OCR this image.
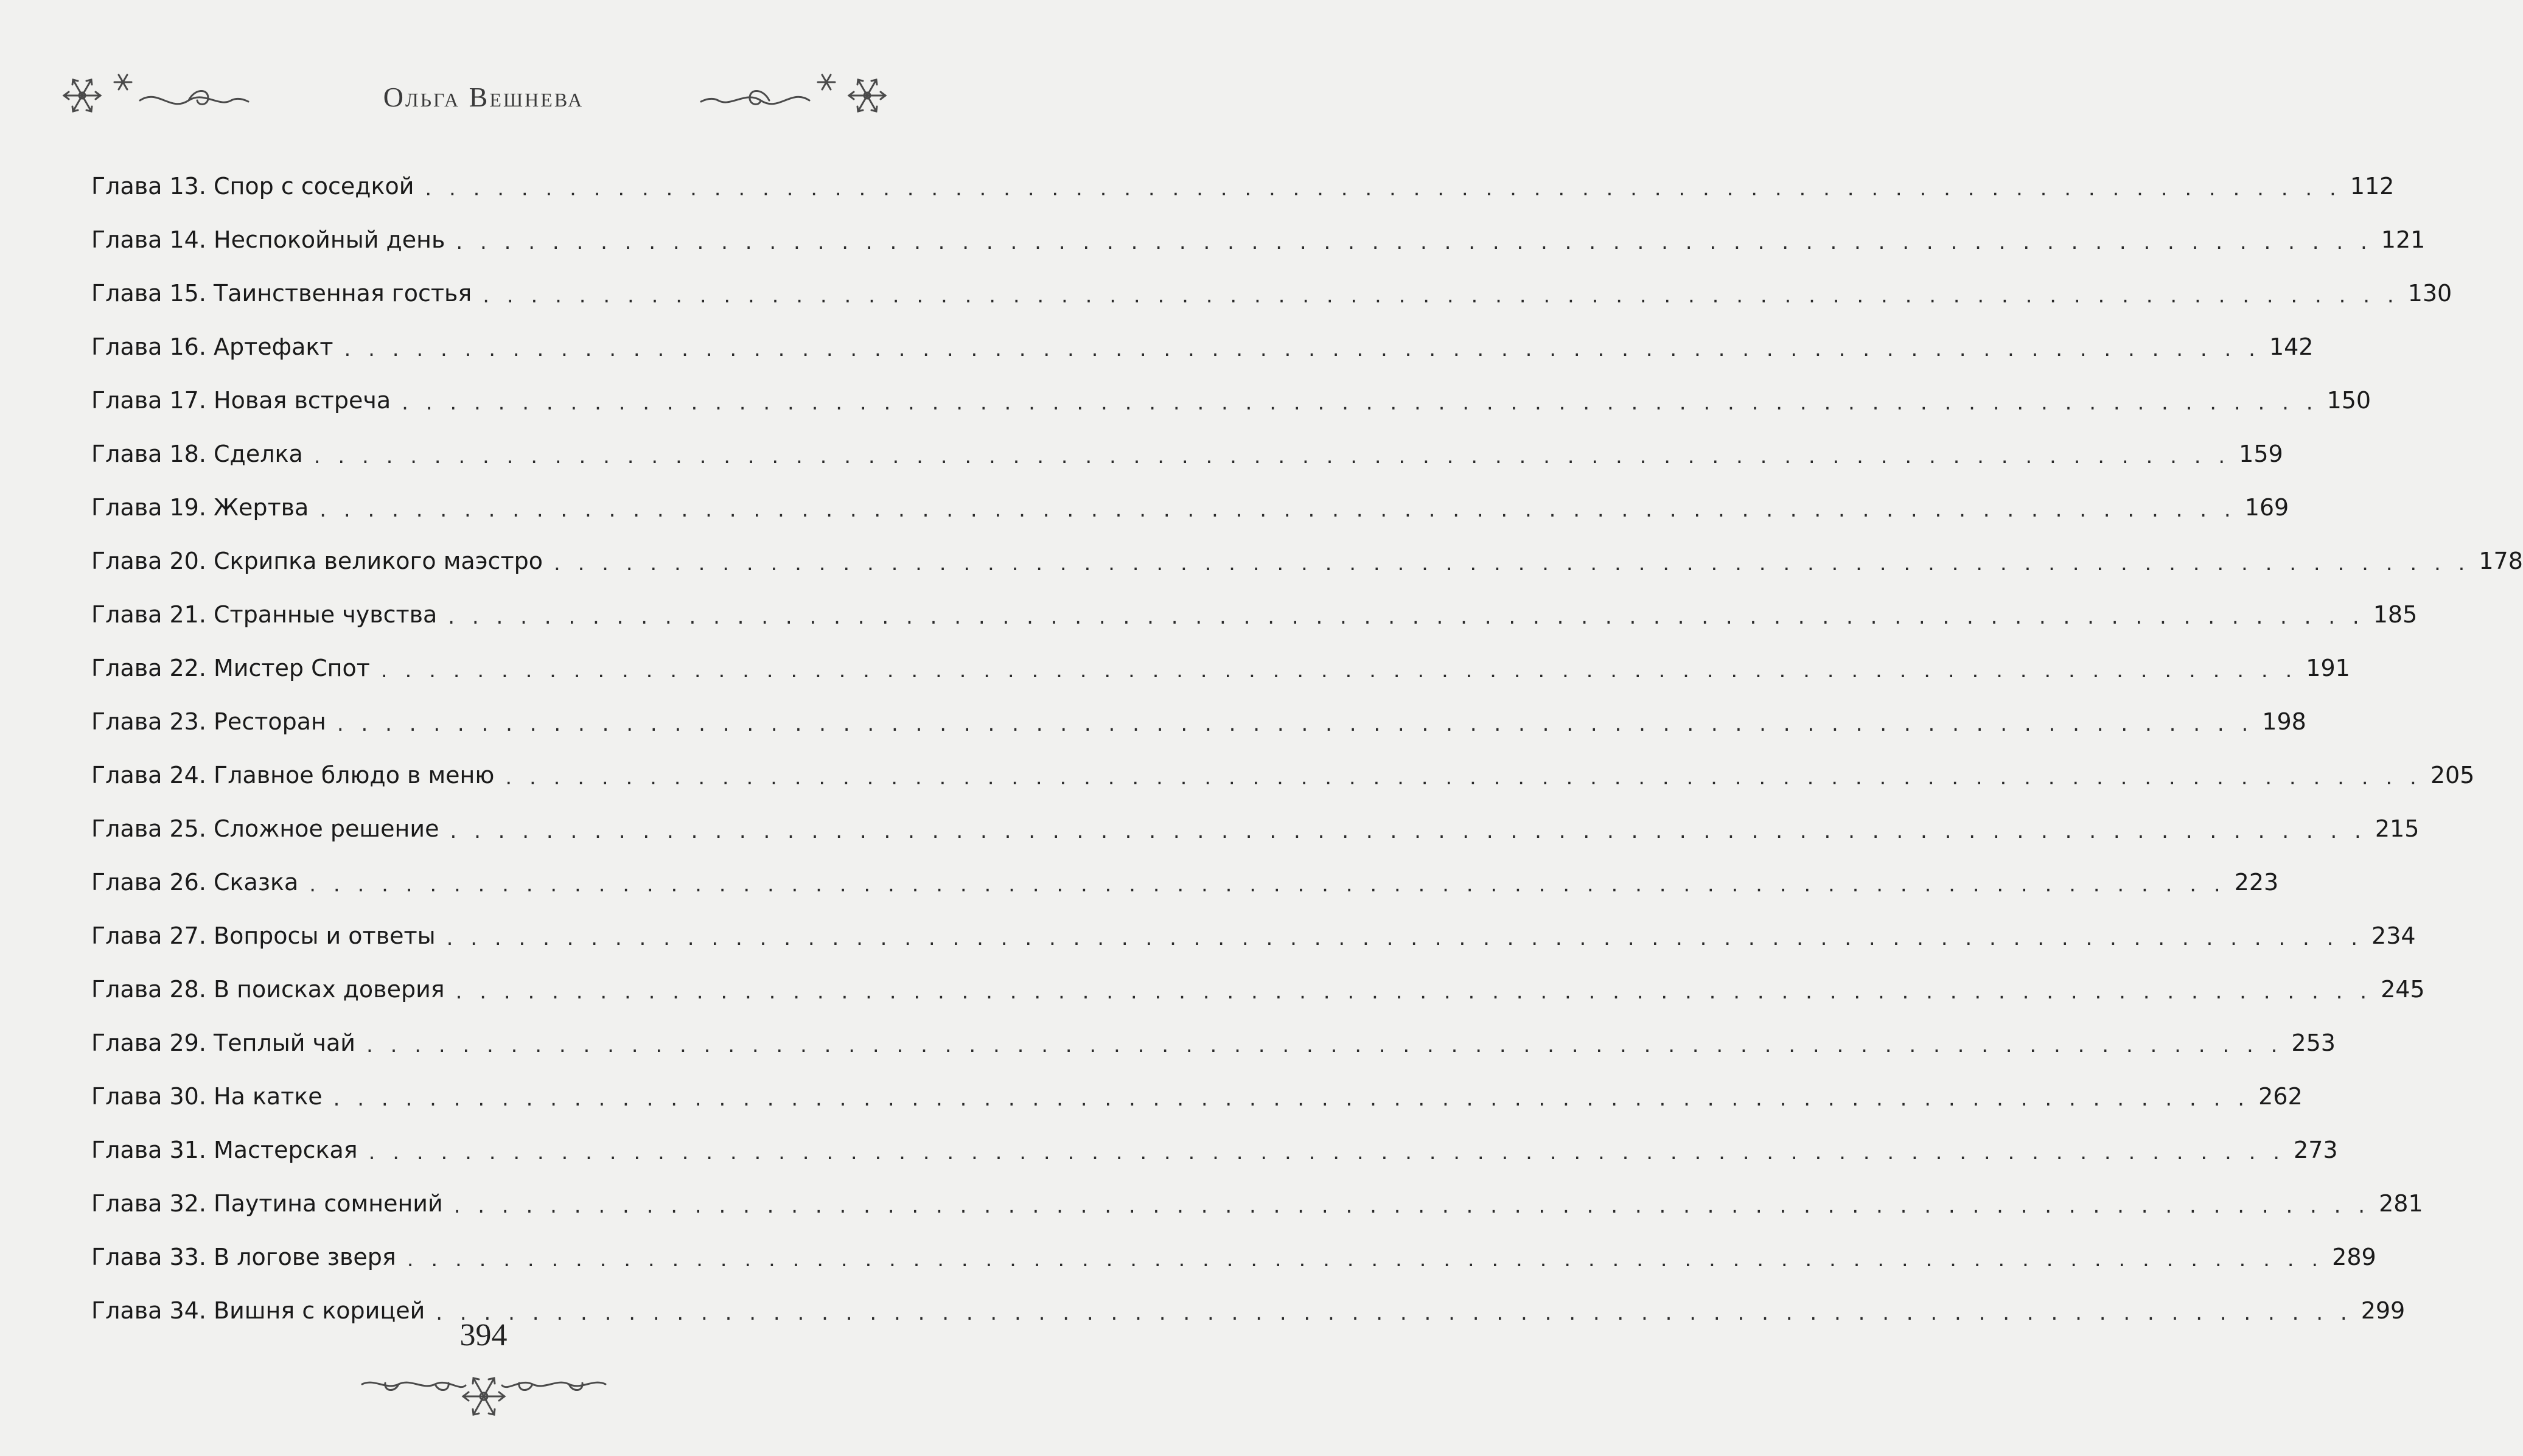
Ольга Вешнева
Глава 13. Спор с соседкой . . . . . . . . . . . . . . . . . . . . . . . . . . . . . . . . . . . . . . . . . . . . . . . . . . . . . . . . . . . . . . . . . . . . . . . . . . . . . . . . 112
Глава 14. Неспокойный день . . . . . . . . . . . . . . . . . . . . . . . . . . . . . . . . . . . . . . . . . . . . . . . . . . . . . . . . . . . . . . . . . . . . . . . . . . . . . . . . 121
Глава 15. Таинственная гостья . . . . . . . . . . . . . . . . . . . . . . . . . . . . . . . . . . . . . . . . . . . . . . . . . . . . . . . . . . . . . . . . . . . . . . . . . . . . . . . . 130
Глава 16. Артефакт . . . . . . . . . . . . . . . . . . . . . . . . . . . . . . . . . . . . . . . . . . . . . . . . . . . . . . . . . . . . . . . . . . . . . . . . . . . . . . . . 142
Глава 17. Новая встреча . . . . . . . . . . . . . . . . . . . . . . . . . . . . . . . . . . . . . . . . . . . . . . . . . . . . . . . . . . . . . . . . . . . . . . . . . . . . . . . . 150
Глава 18. Сделка . . . . . . . . . . . . . . . . . . . . . . . . . . . . . . . . . . . . . . . . . . . . . . . . . . . . . . . . . . . . . . . . . . . . . . . . . . . . . . . . 159
Глава 19. Жертва . . . . . . . . . . . . . . . . . . . . . . . . . . . . . . . . . . . . . . . . . . . . . . . . . . . . . . . . . . . . . . . . . . . . . . . . . . . . . . . . 169
Глава 20. Скрипка великого маэстро . . . . . . . . . . . . . . . . . . . . . . . . . . . . . . . . . . . . . . . . . . . . . . . . . . . . . . . . . . . . . . . . . . . . . . . . . . . . . . . . 178
Глава 21. Странные чувства . . . . . . . . . . . . . . . . . . . . . . . . . . . . . . . . . . . . . . . . . . . . . . . . . . . . . . . . . . . . . . . . . . . . . . . . . . . . . . . . 185
Глава 22. Мистер Спот . . . . . . . . . . . . . . . . . . . . . . . . . . . . . . . . . . . . . . . . . . . . . . . . . . . . . . . . . . . . . . . . . . . . . . . . . . . . . . . . 191
Глава 23. Ресторан . . . . . . . . . . . . . . . . . . . . . . . . . . . . . . . . . . . . . . . . . . . . . . . . . . . . . . . . . . . . . . . . . . . . . . . . . . . . . . . . 198
Глава 24. Главное блюдо в меню . . . . . . . . . . . . . . . . . . . . . . . . . . . . . . . . . . . . . . . . . . . . . . . . . . . . . . . . . . . . . . . . . . . . . . . . . . . . . . . . 205
Глава 25. Сложное решение . . . . . . . . . . . . . . . . . . . . . . . . . . . . . . . . . . . . . . . . . . . . . . . . . . . . . . . . . . . . . . . . . . . . . . . . . . . . . . . . 215
Глава 26. Сказка . . . . . . . . . . . . . . . . . . . . . . . . . . . . . . . . . . . . . . . . . . . . . . . . . . . . . . . . . . . . . . . . . . . . . . . . . . . . . . . . 223
Глава 27. Вопросы и ответы . . . . . . . . . . . . . . . . . . . . . . . . . . . . . . . . . . . . . . . . . . . . . . . . . . . . . . . . . . . . . . . . . . . . . . . . . . . . . . . . 234
Глава 28. В поисках доверия . . . . . . . . . . . . . . . . . . . . . . . . . . . . . . . . . . . . . . . . . . . . . . . . . . . . . . . . . . . . . . . . . . . . . . . . . . . . . . . . 245
Глава 29. Теплый чай . . . . . . . . . . . . . . . . . . . . . . . . . . . . . . . . . . . . . . . . . . . . . . . . . . . . . . . . . . . . . . . . . . . . . . . . . . . . . . . . 253
Глава 30. На катке . . . . . . . . . . . . . . . . . . . . . . . . . . . . . . . . . . . . . . . . . . . . . . . . . . . . . . . . . . . . . . . . . . . . . . . . . . . . . . . . 262
Глава 31. Мастерская . . . . . . . . . . . . . . . . . . . . . . . . . . . . . . . . . . . . . . . . . . . . . . . . . . . . . . . . . . . . . . . . . . . . . . . . . . . . . . . . 273
Глава 32. Паутина сомнений . . . . . . . . . . . . . . . . . . . . . . . . . . . . . . . . . . . . . . . . . . . . . . . . . . . . . . . . . . . . . . . . . . . . . . . . . . . . . . . . 281
Глава 33. В логове зверя . . . . . . . . . . . . . . . . . . . . . . . . . . . . . . . . . . . . . . . . . . . . . . . . . . . . . . . . . . . . . . . . . . . . . . . . . . . . . . . . 289
Глава 34. Вишня с корицей . . . . . . . . . . . . . . . . . . . . . . . . . . . . . . . . . . . . . . . . . . . . . . . . . . . . . . . . . . . . . . . . . . . . . . . . . . . . . . . . 299
394
